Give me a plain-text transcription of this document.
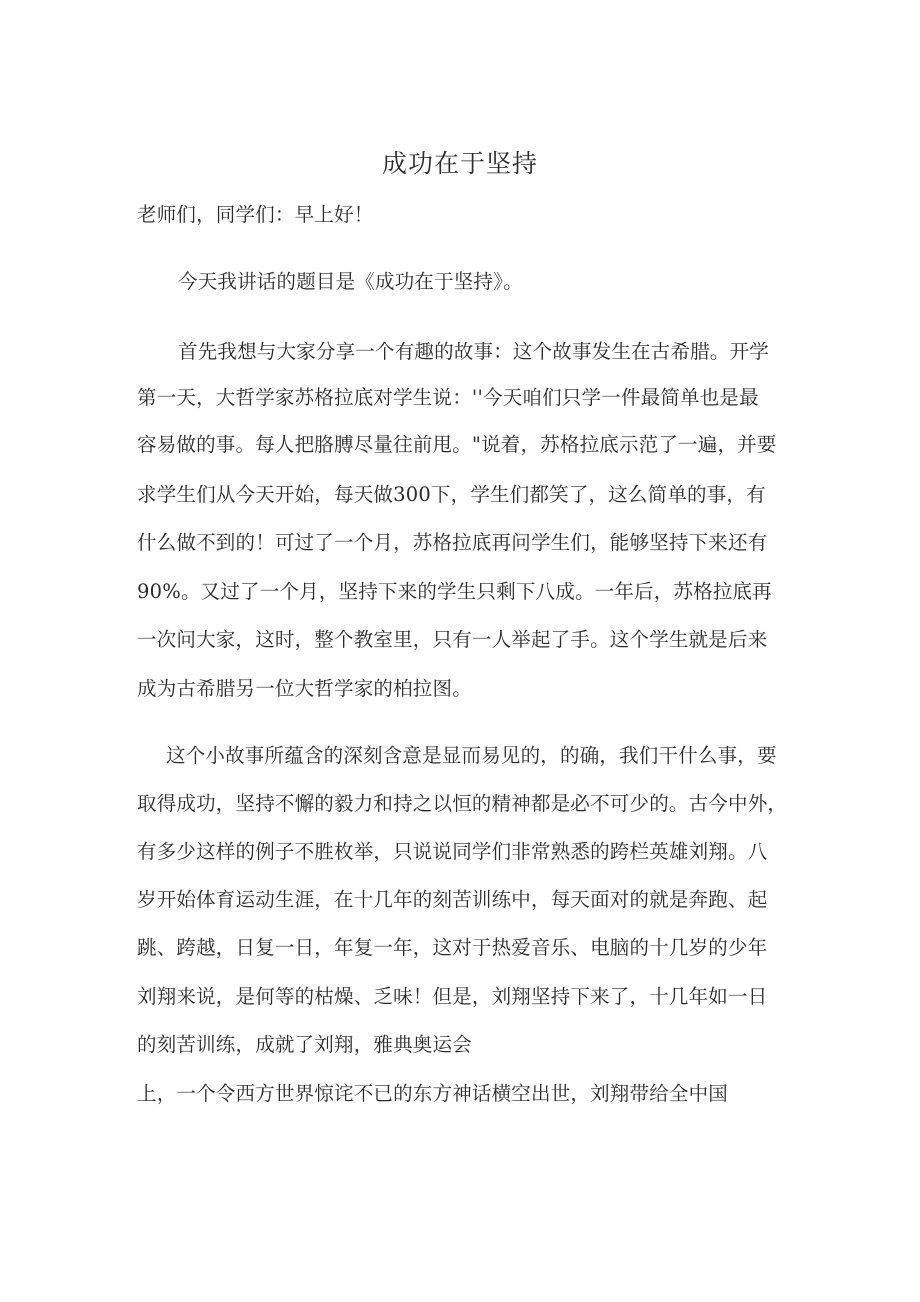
成功在于坚持
老师们，同学们：早上好！
今天我讲话的题目是《成功在于坚持》。
首先我想与大家分享一个有趣的故事：这个故事发生在古希腊。开学
第一天，大哲学家苏格拉底对学生说：''今天咱们只学一件最简单也是最
容易做的事。每人把胳膊尽量往前甩。"说着，苏格拉底示范了一遍，并要
求学生们从今天开始，每天做300下，学生们都笑了，这么简单的事，有
什么做不到的！可过了一个月，苏格拉底再问学生们，能够坚持下来还有
90%。又过了一个月，坚持下来的学生只剩下八成。一年后，苏格拉底再
一次问大家，这时，整个教室里，只有一人举起了手。这个学生就是后来
成为古希腊另一位大哲学家的柏拉图。
这个小故事所蕴含的深刻含意是显而易见的，的确，我们干什么事，要
取得成功，坚持不懈的毅力和持之以恒的精神都是必不可少的。古今中外，
有多少这样的例子不胜枚举，只说说同学们非常熟悉的跨栏英雄刘翔。八
岁开始体育运动生涯，在十几年的刻苦训练中，每天面对的就是奔跑、起
跳、跨越，日复一日，年复一年，这对于热爱音乐、电脑的十几岁的少年
刘翔来说，是何等的枯燥、乏味！但是，刘翔坚持下来了，十几年如一日
的刻苦训练，成就了刘翔，雅典奥运会
上，一个令西方世界惊诧不已的东方神话横空出世，刘翔带给全中国
